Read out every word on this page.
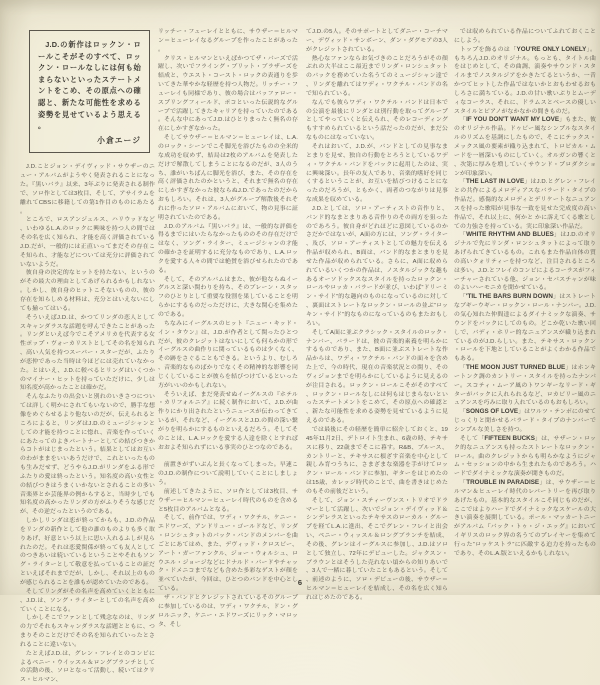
J.D.の新作はロックン・ロールこそがそのすべて、ロックン・ロールなしには何も始まらないといったステートメントをこめ、その原点への確認と、新たな可能性を求める姿勢を見せているよう思える。
小倉エージ

J.D.ことジョン・デイヴィッド・サウザーのニュー・アルバムがようやく発表されることになった。『黒いバラ』以来、3年ぶりに発表される制作で、ソロ作としては3枚目、そして、アサイラムを離れてCBSに移籍しての第1作目のものにあたる。

ところで、ロスアンジェルス、ハリウッドなど、いわゆるL.A.のロックに興味を持つ人の間ではその名を広く知られ、才能を高く評価されているJ.D.だが、一般的には正直いってまだその存在こそ知られ、才能などについては充分に評価されていないようだ。

彼自身の決定的なヒットを持たない、というのがその最大の理由としてあげられるかもしれない。しかし、彼自身のヒットこそないものの、彼の存在を知らしめる材料は、充分とはいえないにしても揃ってはいる。

そういえばJ.D.は、かつてリンダの恋人としてスキャンダラスな話題を呼んできたことがあった。リンダといえば今でこそアメリカを代表する女性ポップ・ヴォーカリストとしてその名を知られ、高い人気を持つスーパー・スターだが、ふたりが恋仲であった当時は今ほどには売れていなかった。とはいえ、J.D.に較べるとリンダはいくつかのマイナー・ヒットを持っていただけに、少しは知名度が高かったことは確かだ。

そんなふたりの出会いと別れのいきさつについては詳しく明かにされてもいないので、勝手な想像をめぐらせるより他ないのだが、伝えられるところによると、リンダはJ.D.のミュージシャンとしての才能を持つことに惚れ、音楽を作っていくにあたってのよきパートナーとしての結びつきからコトがはじまったという。結果としてはお互いのわがままをいいあうだけで、これといったものも生みだせず、どうやらJ.D.がリンダをふる形でふたりの愛は終ったという。知名度の高い女性との結びつきはうまくいかないとされることの多い音楽界とか芸能界の例からすると、当時少しでも知名度の高かったリンダの方がふりそうな感じだが、その逆だったというのである。

しかしリンダは恋が終ってからも、J.D.の作品をリンダの新作として他の誰のものよりも多く取りあげ、好意という以上に思い入れるふしが見られたのだ。それは恋愛関係が終っても友人としてのつきあいは続いているということやそれもソング・ライターとして敬意を払っていることの証だといえばそれまでだが、しかし、それ以上のものが感じられることを誰もが認めていたのである。

そしてリンダがその名声を高めていくとともに、J.D.は、ソング・ライターとしての名声を高めていくことになる。

しかしそこでファンとして残念なのは、リンダの力でそれもスキャンダラスな話題とともに、つまりそのことだけでその名を知られていったとされることに違いない。

たとえばJ.D.は、グレン・フレイとのコンビによるペニー・ウイッスル＆ロングブランチとしての活動の後、ソロとなって活動し、続いてはクリス・ヒルマン、

リッチー・フューレイとともに、サウザー＝ヒルマン＝ヒューレイなるグループを作ったことがあった。

クリス・ヒルマンといえばかつてザ・バーズで活躍し、次いでフライング・ブリット・ブラザーズを結成と、ウエスト・コースト・ロックの表通りを歩いてきた華やかな経歴を持つ人物だ。リッチー・フューレイも同様であり、彼の場合はバッファロー・スプリングフィールド、ポコといった伝説的なグループで活躍してきたキャリアを持っていたのである。そんな中にあってJ.D.はひとりまったく無名の存在にしかすぎなかった。

そしてサウザー＝ヒルマン＝ヒューレイは、L.A.のロック・シーンでこそ脚光を浴びたものの全米的な成功を収めず、結局は2枚のアルバムを発表しただけで解散してしまうことになるのだが、3人のうち、誰がいちばんに脚光を浴び、また、その存在を高く評価されたのかというと、それまで無名の存在にしかすぎなかった彼ならぬJ.D.であったのだからおもしろい。それは、3人がグループ解散後それぞれに作ったソロ・アルバムにおいて、物の見事に証明されていたのである。

J.D.のアルバム『黒いバラ』は、一般的な評価を得るまでにはいたらなかったもののその存在だけではなく、ソング・ライター、ミュージシャンの才能の確かさを証明するに充分なものであり、L.A.ロックを愛する人々の間では絶賛を浴びせられたのである。

そして、そのアルバムはまた、彼が他ならぬイーグルスと深い関わりを持ち、そのブレーン・スタッフのひとりとして重要な役割を果していることを明らかにするものだっただけに、大きな関心を集めたのである。

ちなみにイーグルスのヒット『ニュー・キッド・イン・タウン』は、J.D.が作者として関ったひとつだが、彼のクレジットはないにしても何らかの形でイーグルスの曲作りに関っているものは少くなく、その跡をさぐることもできる。というより、むしろ、音楽的なものばかりでなくその精神的な影響を同じくしていることが彼らを結びつけているといった方がいいのかもしれない。

そういえば、まだ発表せぬイーグルスの『ホテル・カリフォルニア』に続く制作において、J.D.が曲作りにかり出されたというニュースが伝わってきているが、それなど、イーグルスとJ.D.の間の深い繋がりを明らかにするものといえるだろう。そしてそのことは、L.A.ロックを愛する人達を除くとすればおおよそ知られずにいる事実のひとつなのである。

前置きがずいぶんと長くなってしまった。早速このJ.D.の制作について説明していくことにしましょう。

前述してきたように、ソロ作としては3枚目、サウザー＝ヒルマン＝ヒューレイ時代のものを含めると5枚目のアルバムとなる。

そして、前作では、ワディ・ワクテル、ケニー・エドワーズ、アンドリュー・ゴールドなど、リンダ・ロンシュタットのバック・バンドのメンバーを曲ごとにあてはめ、また、デヴィッド・クロスビー、アート・ガーファンクル、ジョー・ウォルシュ、ロウエル・ジョージなどにドナルド・バードやチャック・ドメニコまでなども含めた多彩なゲストが顔を並べていたが、今回は、ひとつのバンドを中心としている。

ザ・バンドとクレジットされているそのグループに参加しているのは、ワディ・ワクテル、ドン・グロルニック、ケニー・エドワーズにリック・マロッタ、そし

てJ.D.の5人。そのサポートとしてダニー・コーチマー、デヴィッド・サンボーン、ダン・ダグモアの3人がクレジットされている。

熱心なファンならお気づきのことだろうがその顔ぶれの大半はここ最近までリンダ・ロンシュタットのバックを務めていた名うてのミュージシャン達で、リンダを離れてはワディ・ワクテル・バンドの名で知られている。

なんでも彼らワディ・ワクテル・バンドは日本での公演を最後にリンダとは別行動を取ってグループとしてやっていくと伝えられ、そのレコーディングもすすめられているという話だったのだが、まだ公なものにはなっていない。

それはおいて、J.D.が、バンドとしての見事なまとまりを見せ、独自の行動をとろうとしているワディ・ワクテル・バンドをバックに起用したのは、実に興味深い。長年の友人であり、音楽的嗜好を同じくするということが、お互いを結びつけることになったのだろうが、ともかく、両者のつながりは見事な成果を収めている。

J.D.としては、ソロ・アーティストの音作りと、バンド的なまとまりある音作りのその両方を狙ったのであろう。彼自身がどれほどに意図しているのかさだかではないが、A面の方には、ソング・ライター、及び、ソロ・アーティストとしての魅力を伝える作品が収められ、B面は、バンド的なまとまりを見せた作品が収められている。さらに、A面に収められているいくつかの作品は、ノスタルジックな趣もあるオーソドックスなスタイルを持ったロックン・ロールやロッカ・バラードが並び、いわば“ドリーミン・サイド”的な趣向のものになっているのに対して、裏面はストレートなロックン・ロールの並ぶ“ロッキン・サイド”的なものになっているのもまたおもしろい。

そしてA面に並ぶクラシック・スタイルのロック・ナンバー、バラードは、彼の音楽的素養を明らかにするものであり、また、B面に並ぶストレートな作品からは、ワディ・ワクテル・バンドの面々を含めた上で、今の時代、現在の音楽状況との関り、そのヴィジョンまでを明らかにしているように見えるのが注目される。ロックン・ロールこそがそのすべて、ロックン・ロールなしには何もはじまらないといったステートメントをこめて、その原点への確認と、新たな可能性を求める姿勢を見せているように見えるのである。

では最後にその経歴を簡単に紹介しておくと、1945年11月2日、デトロイト生まれ、6歳の時、テキサスに移り、22歳までそこに暮す。R&B、ブルース、カントリーと、テキサスに根ざす音楽を中心として親しみ育つうちに、さまざまな楽器を手がけてロックン・ロール・バンドに参加、ギターをはじめたのは15歳、カレッジ時代のことで、曲を書きはじめたのもその前後だという。

そして、ジョン・スティーヴンス・トリオでドラマーとして活躍し、次いでジョン・デイヴィッド＆シンデレラスといったテキサスのローカル・グループを経てL.A.に進出、そこでグレン・フレイと出会い、ペニー・ウィッスル＆ロングブランチを結成、その後、グレンはイーグルスに参加し、J.D.はソロとして独立し、72年にデビューした。ジャクスン・ブラウンとはそうした売れない頃からの知りあいで、3人で一緒に暮していたこともあるという。そして、前述のように、ソロ・デビューの後、サウザー＝ヒルマン＝ヒューレイを結成し、その名を広く知られはじめたのである。

では収められている作品についてふれておくことにしよう。

トップを飾るのは「YOU'RE ONLY LONELY」。もちろんJ.D.のオリジナル。もっとも、タイトル曲をはじめとして、その曲調、演奏やサウンド・スタイルまでノスタルジアをかきたてるというか、一昔かつてヒットした作品ではないかとおもわせるおもしろさに満ちている。J.D.の甘い歌いぶりとムーディなコーラス、それに、ドラムスとベースの優しいスタイルとピアノがなかなかの聞きものだ。

「IF YOU DON'T WANT MY LOVE」もまた、彼のオリジナル作品。ドゥビー風なシンプルなスタイルのリズムを基調にしたもので、そこにテックス・メックス風の要素が織り込まれて、トロピカル・ムードを一層深いものにしていく。オルガンの響くと、次第に厚みを増していくサウンド・プロダクションが印象深い。

「THE LAST IN LOVE」はJ.D.とグレン・フレイとの共作によるメロディアスなバラード・タイプの作品だ。感傷的なメロディとデリケートなニュアンスを持った歌唱が見事な一致を見せた完成度の高い作品で、それ以上に、何かと かに訴えてくる歌としての力強さを持っている。実に印象深い作品だ。

「WHITE RHYTHM AND BLUES」はJ.D.のオリジナルで先にリンダ・ロンシュタットによって取りあげられてきているもの。これもまた作品自体の質の高いクォリティーを持つなど、注目されるところは多い。J.D.とフレイのコンビによるコーラスがフィーチャーされている他、ジョン・セバスチャンが味のよいハーモニカを聞かせている。

「'TIL THE BARS BURN DOWN」はストレートなブギーウギー・ロックン・ロール・ナンバー。J.D.の気心知れた仲間達によるダイナミックな演奏、サウンドをバックにしてのもの。どこか乾いた歌い回しで、バディ・ホリー的なニュアンスが織り込まれているのがJ.D.らしい。また、テキサス・ロックン・ロールを下地としていることがよくわかる作品でもある。

「THE MOON JUST TURNED BLUE」はホンキートンク調のカントリー・スタイルを持ったナンバー。スコティ・ムーア風のトワンギーなリード・ギターがバックに入れられるなど、ロカビリー風のニュアンスを巧みに取り入れているのもおもしろい。

「SONGS OF LOVE」はワルツ・テンポにのせてじっくりと聞かせるバラード・タイプのナンバーでシンプルな美しさを持つ。

そして「FIFTEEN BUCKS」は、サザーン・ロック的なニュアンスも持ったストレートなロックン・ロール。曲のクレジットからも明らかなようにジャム・セッションの中から生まれたものであろう。ハードでダイナミックな演奏が聞きものだ。

「TROUBLE IN PARADISE」は、サウザー＝ヒルマン＆ヒューレイ時代のレパートリーを再び取りあげたもの。基本的なスタイルこそ同じものだが、ここではよりハードでダイナミックなスケールの大きい演奏を展開している。ポール・マッカートニーがアルバム『バック・トゥ・ジ・エッグ』においてイギリスのロック界の名うてのプレイヤーを集めて行った“ロッケストラ”に匹敵する迫力を持ったものであり、そのL.A.版といえるかもしれない。

6
